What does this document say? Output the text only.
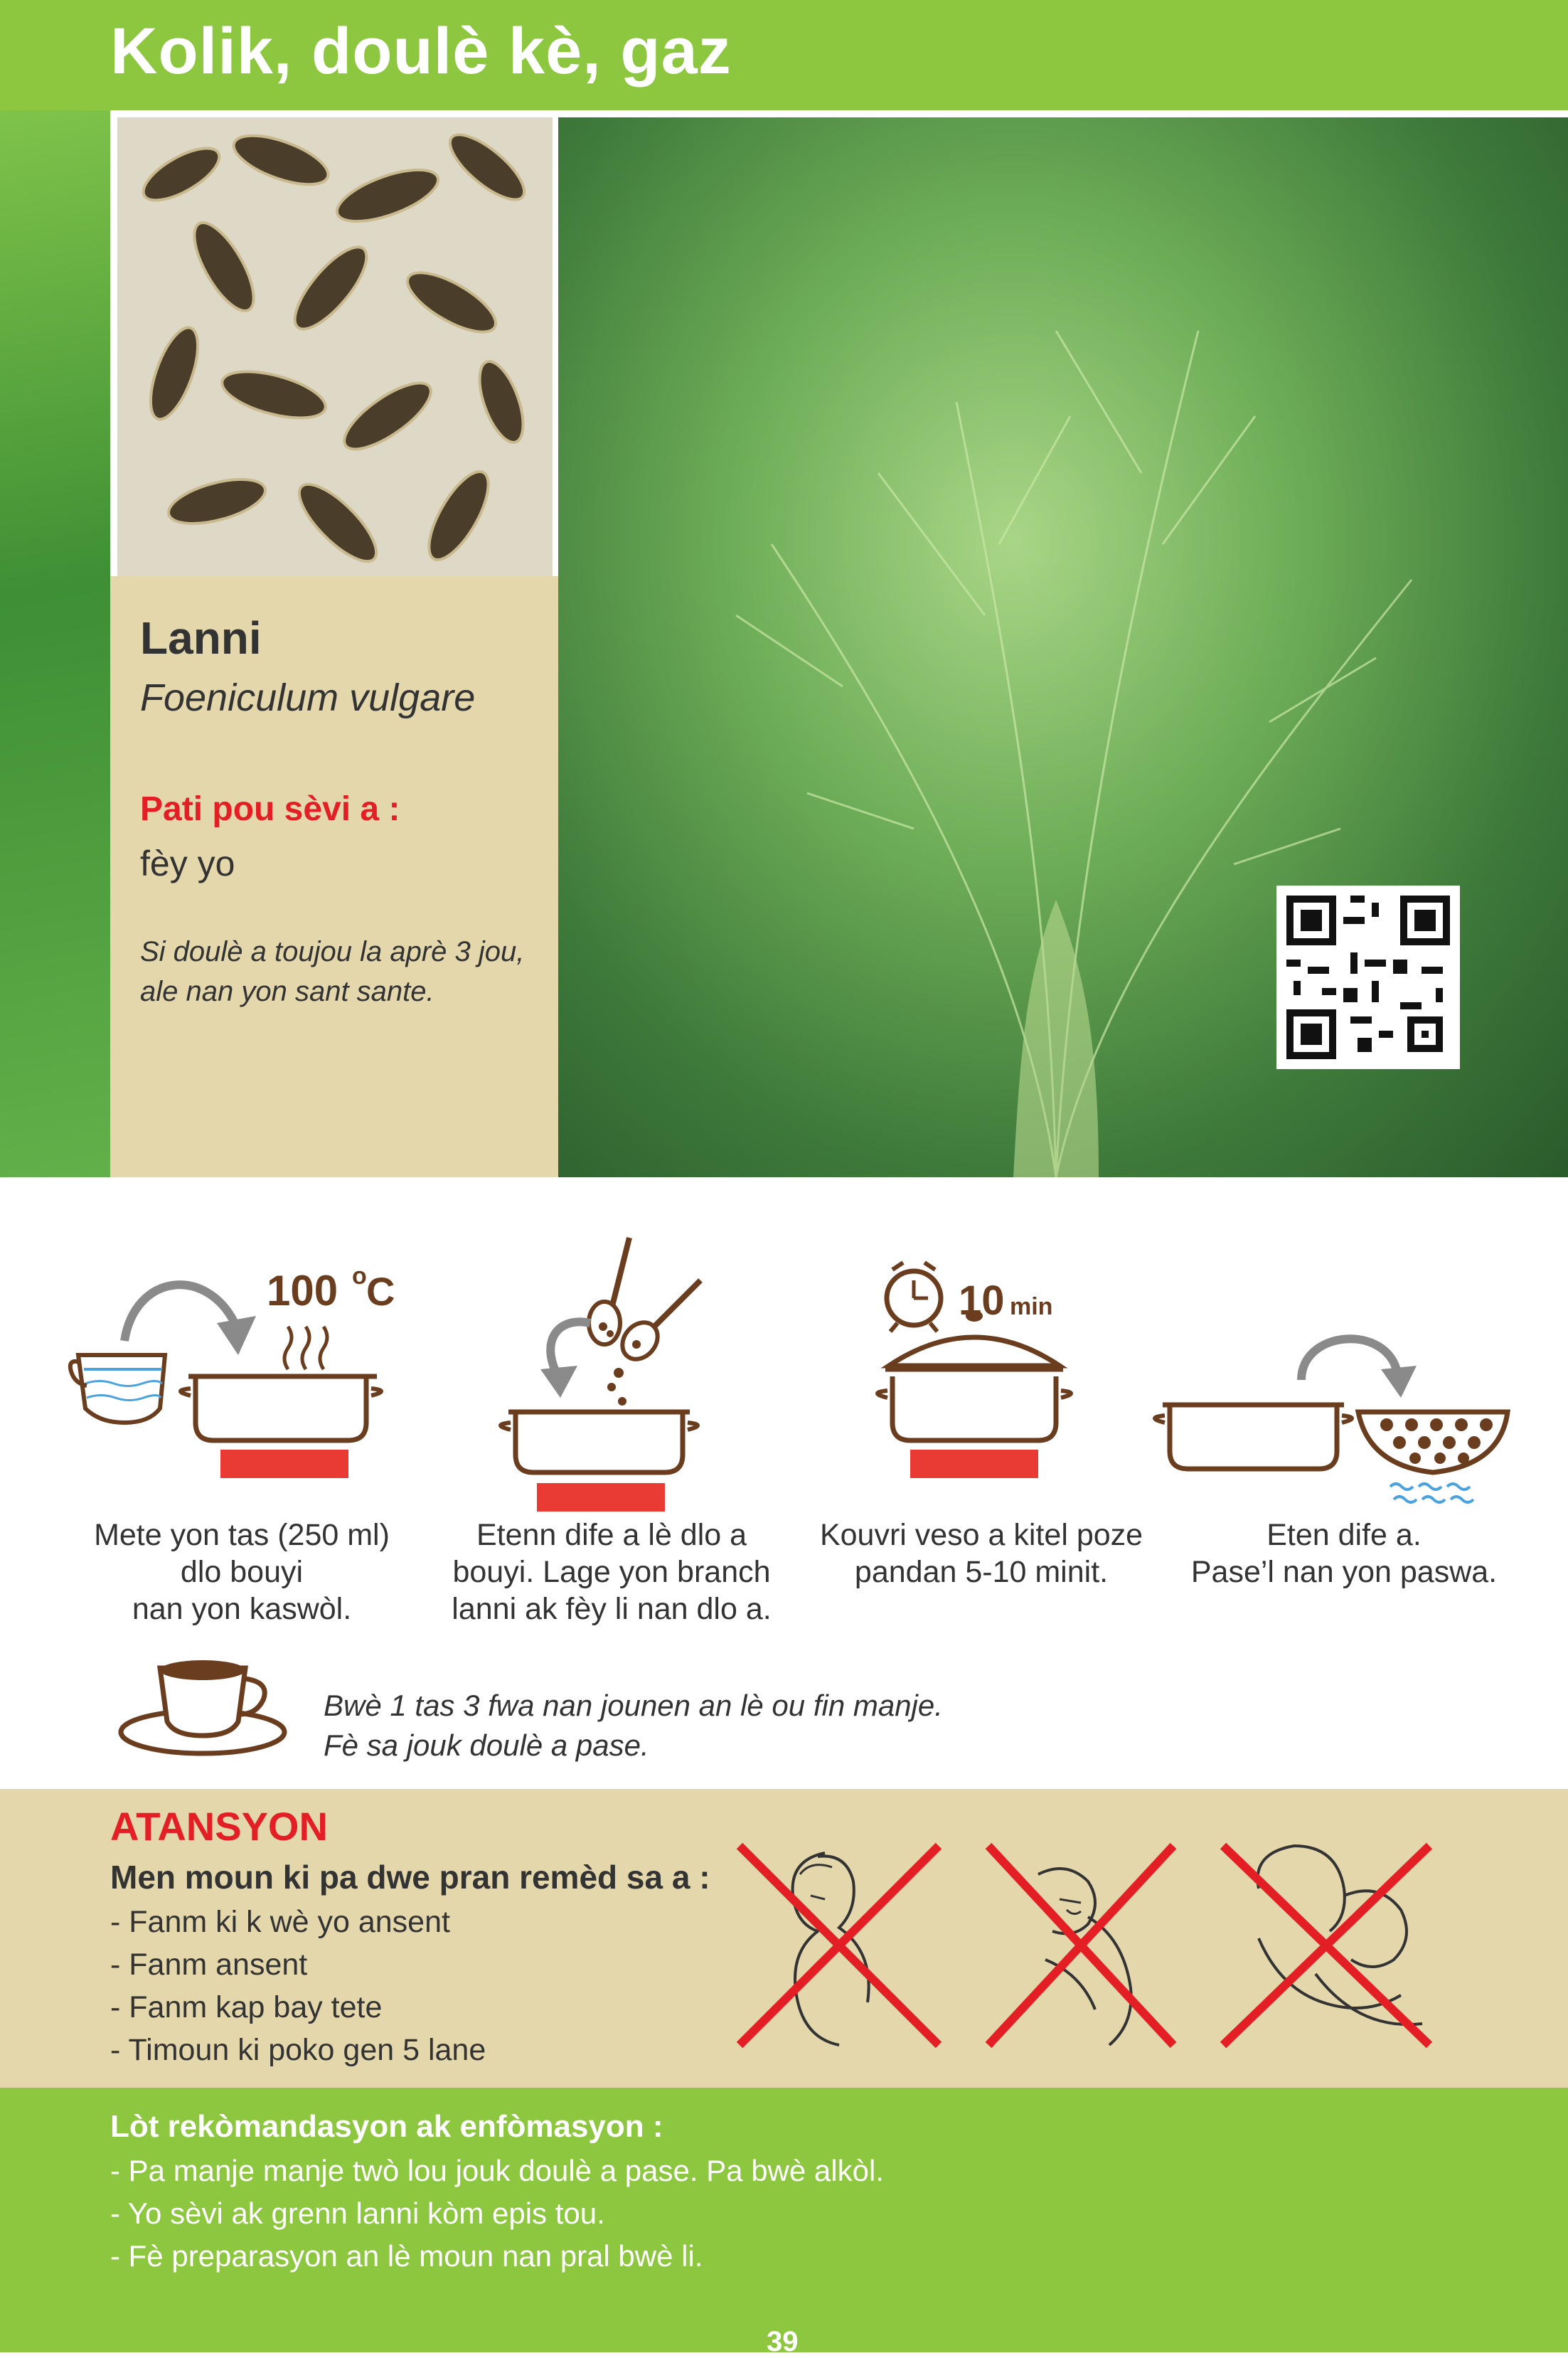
Kolik, doulè kè, gaz
Lanni
Foeniculum vulgare
Pati pou sèvi a :
fèy yo
Si doulè a toujou la aprè 3 jou,
ale nan yon sant sante.
100 o C	10 min
Mete yon tas (250 ml)
dlo bouyi
nan yon kaswòl.
Etenn dife a lè dlo a
bouyi. Lage yon branch
lanni ak fèy li nan dlo a.
Kouvri veso a kitel poze
pandan 5-10 minit.
Eten dife a.
Pase’l nan yon paswa.
Bwè 1 tas 3 fwa nan jounen an lè ou fin manje.
Fè sa jouk doulè a pase.
ATANSYON
Men moun ki pa dwe pran remèd sa a :
- Fanm ki k wè yo ansent
- Fanm ansent
- Fanm kap bay tete
- Timoun ki poko gen 5 lane
Lòt rekòmandasyon ak enfòmasyon :
- Pa manje manje twò lou jouk doulè a pase. Pa bwè alkòl.
- Yo sèvi ak grenn lanni kòm epis tou.
- Fè preparasyon an lè moun nan pral bwè li.
39
